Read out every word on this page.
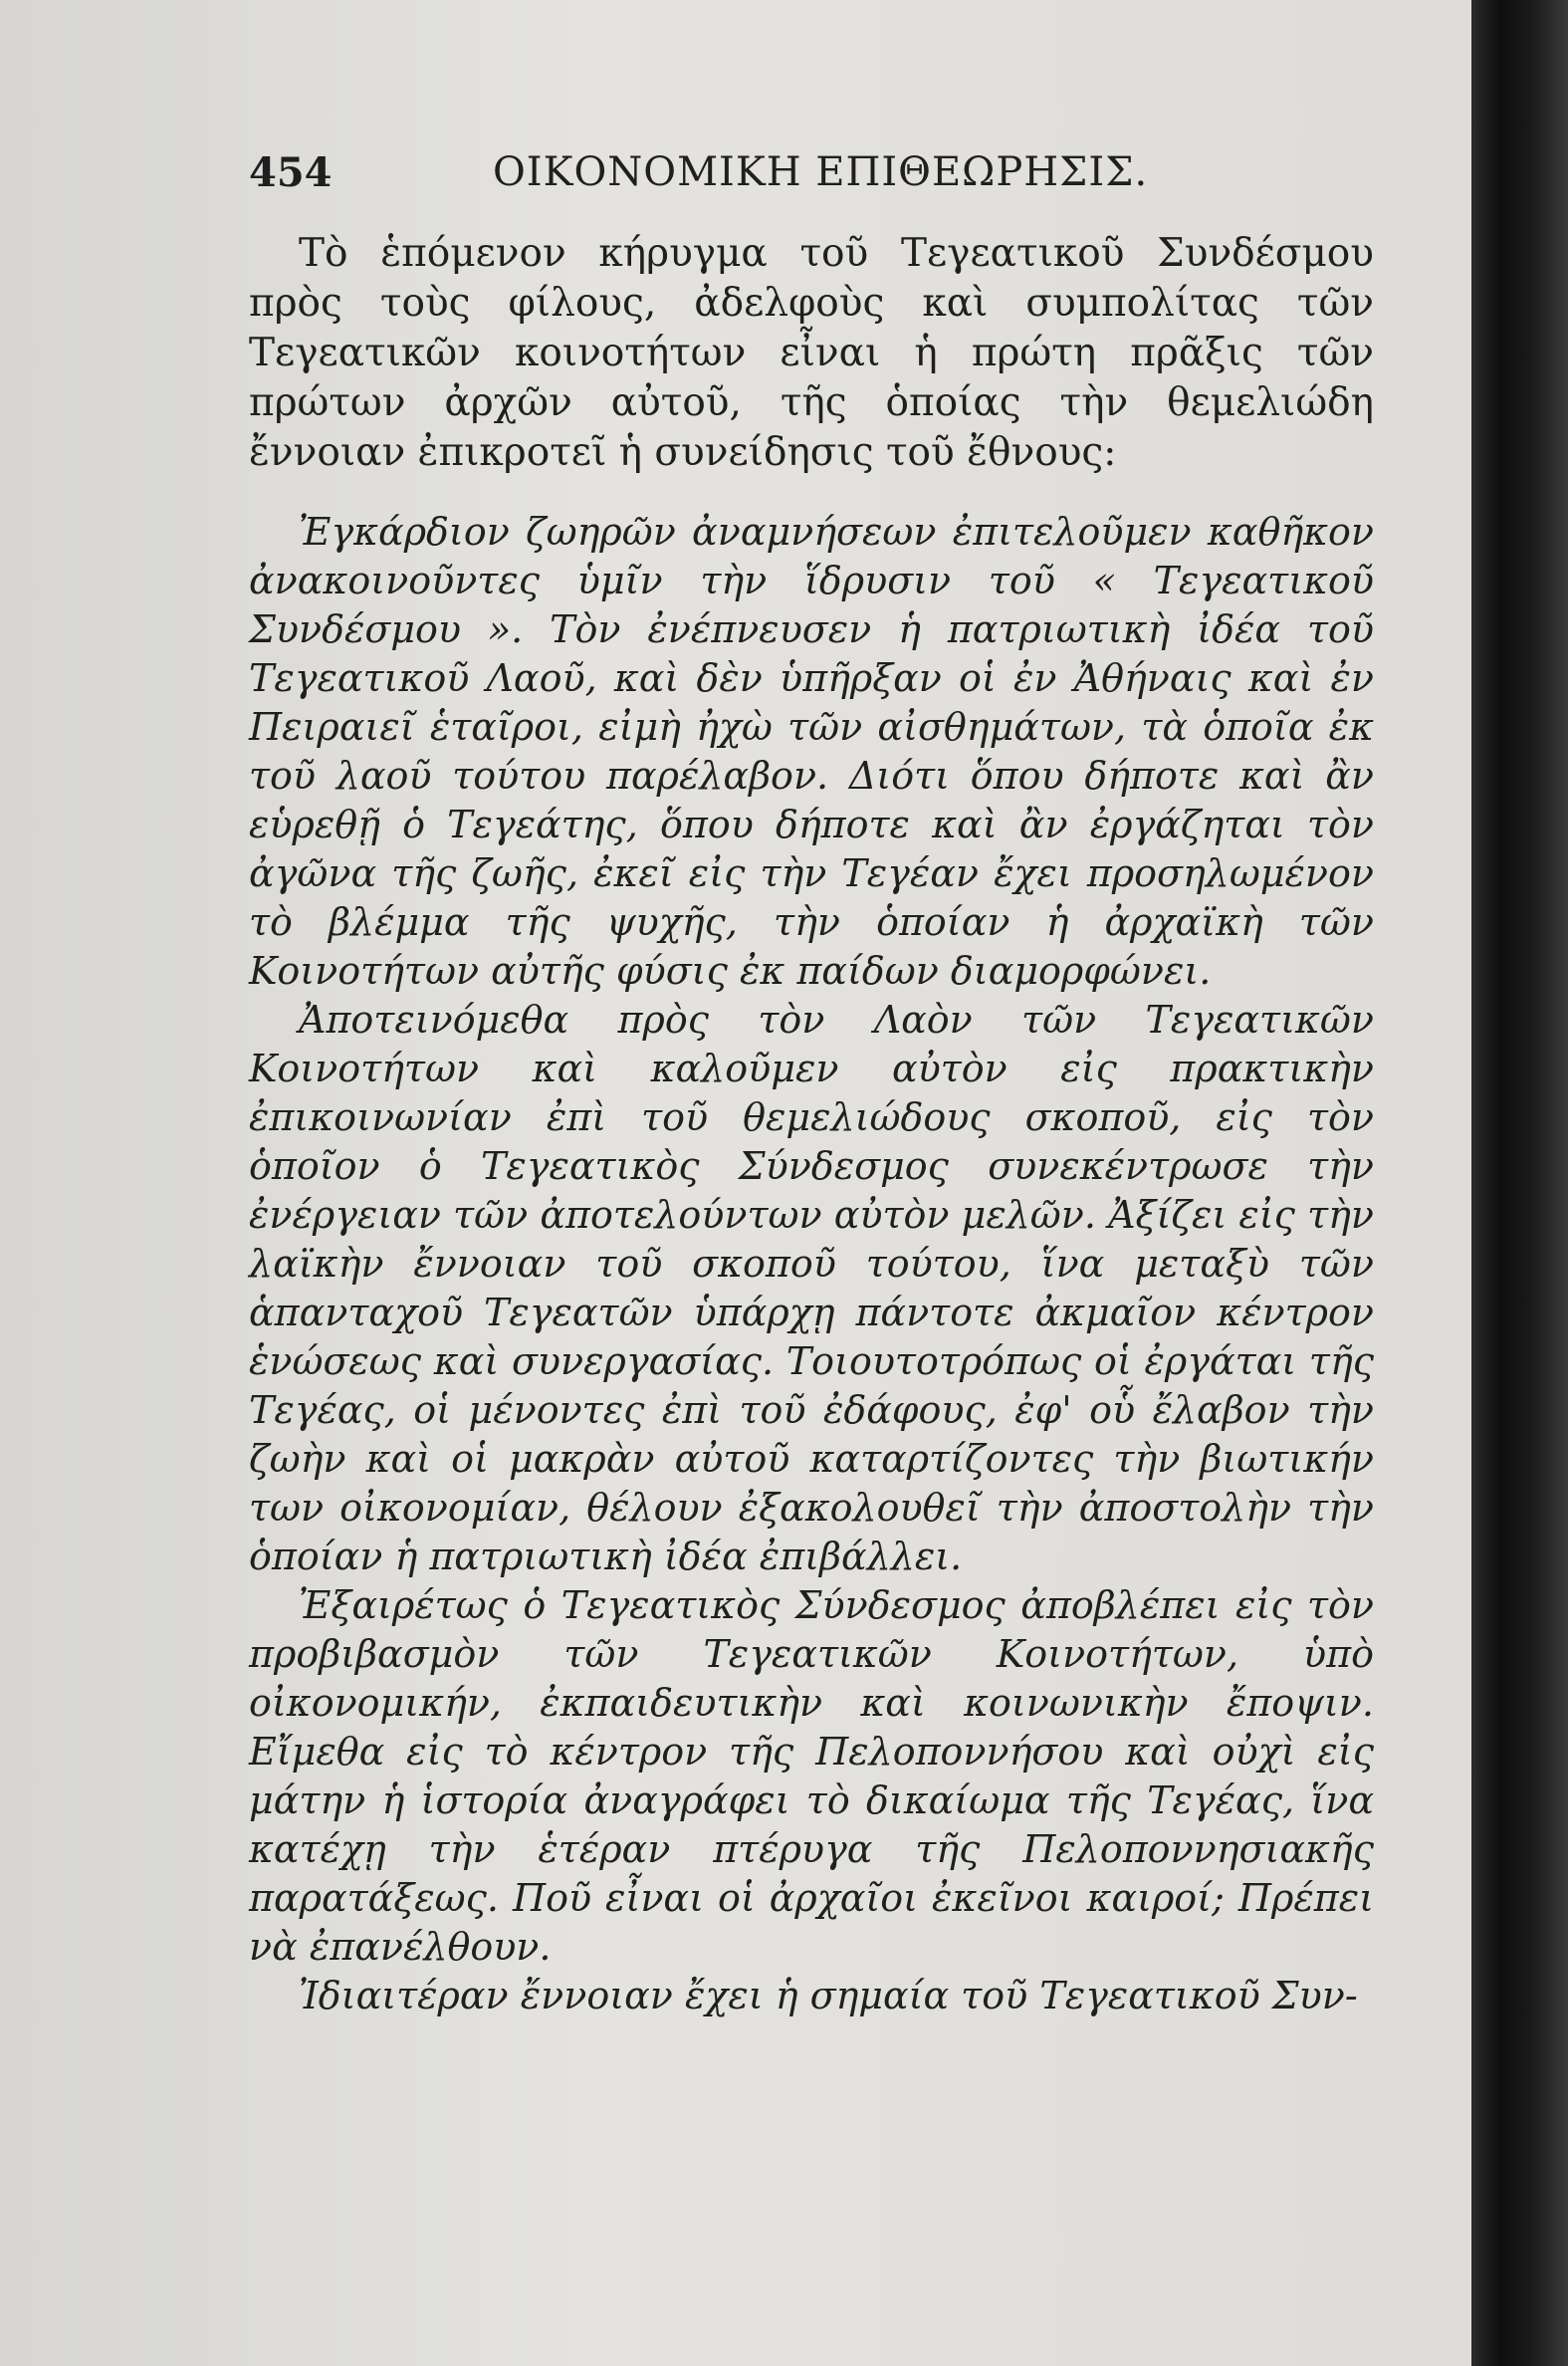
454	ΟΙΚΟΝΟΜΙΚΗ ΕΠΙΘΕΩΡΗΣΙΣ.

Τὸ ἑπόμενον κήρυγμα τοῦ Τεγεατικοῦ Συνδέσμου πρὸς τοὺς φίλους, ἀδελφοὺς καὶ συμπολίτας τῶν Τεγεατικῶν κοινοτήτων εἶναι ἡ πρώτη πρᾶξις τῶν πρώτων ἀρχῶν αὐτοῦ, τῆς ὁποίας τὴν θεμελιώδη ἔννοιαν ἐπικροτεῖ ἡ συνείδησις τοῦ ἔθνους:

Ἐγκάρδιον ζωηρῶν ἀναμνήσεων ἐπιτελοῦμεν καθῆκον ἀνακοινοῦντες ὑμῖν τὴν ἵδρυσιν τοῦ « Τεγεατικοῦ Συνδέσμου ». Τὸν ἐνέπνευσεν ἡ πατριωτικὴ ἰδέα τοῦ Τεγεατικοῦ Λαοῦ, καὶ δὲν ὑπῆρξαν οἱ ἐν Ἀθήναις καὶ ἐν Πειραιεῖ ἑταῖροι, εἰμὴ ἠχὼ τῶν αἰσθημάτων, τὰ ὁποῖα ἐκ τοῦ λαοῦ τούτου παρέλαβον. Διότι ὅπου δήποτε καὶ ἂν εὑρεθῇ ὁ Τεγεάτης, ὅπου δήποτε καὶ ἂν ἐργάζηται τὸν ἀγῶνα τῆς ζωῆς, ἐκεῖ εἰς τὴν Τεγέαν ἔχει προσηλωμένον τὸ βλέμμα τῆς ψυχῆς, τὴν ὁποίαν ἡ ἀρχαϊκὴ τῶν Κοινοτήτων αὐτῆς φύσις ἐκ παίδων διαμορφώνει.

Ἀποτεινόμεθα πρὸς τὸν Λαὸν τῶν Τεγεατικῶν Κοινοτήτων καὶ καλοῦμεν αὐτὸν εἰς πρακτικὴν ἐπικοινωνίαν ἐπὶ τοῦ θεμελιώδους σκοποῦ, εἰς τὸν ὁποῖον ὁ Τεγεατικὸς Σύνδεσμος συνεκέντρωσε τὴν ἐνέργειαν τῶν ἀποτελούντων αὐτὸν μελῶν. Ἀξίζει εἰς τὴν λαϊκὴν ἔννοιαν τοῦ σκοποῦ τούτου, ἵνα μεταξὺ τῶν ἁπανταχοῦ Τεγεατῶν ὑπάρχῃ πάντοτε ἀκμαῖον κέντρον ἑνώσεως καὶ συνεργασίας. Τοιουτοτρόπως οἱ ἐργάται τῆς Τεγέας, οἱ μένοντες ἐπὶ τοῦ ἐδάφους, ἐφ' οὗ ἔλαβον τὴν ζωὴν καὶ οἱ μακρὰν αὐτοῦ καταρτίζοντες τὴν βιωτικήν των οἰκονομίαν, θέλουν ἐξακολουθεῖ τὴν ἀποστολὴν τὴν ὁποίαν ἡ πατριωτικὴ ἰδέα ἐπιβάλλει.

Ἐξαιρέτως ὁ Τεγεατικὸς Σύνδεσμος ἀποβλέπει εἰς τὸν προβιβασμὸν τῶν Τεγεατικῶν Κοινοτήτων, ὑπὸ οἰκονομικήν, ἐκπαιδευτικὴν καὶ κοινωνικὴν ἔποψιν. Εἴμεθα εἰς τὸ κέντρον τῆς Πελοποννήσου καὶ οὐχὶ εἰς μάτην ἡ ἱστορία ἀναγράφει τὸ δικαίωμα τῆς Τεγέας, ἵνα κατέχῃ τὴν ἑτέραν πτέρυγα τῆς Πελοποννησιακῆς παρατάξεως. Ποῦ εἶναι οἱ ἀρχαῖοι ἐκεῖνοι καιροί; Πρέπει νὰ ἐπανέλθουν.

Ἰδιαιτέραν ἔννοιαν ἔχει ἡ σημαία τοῦ Τεγεατικοῦ Συν-
